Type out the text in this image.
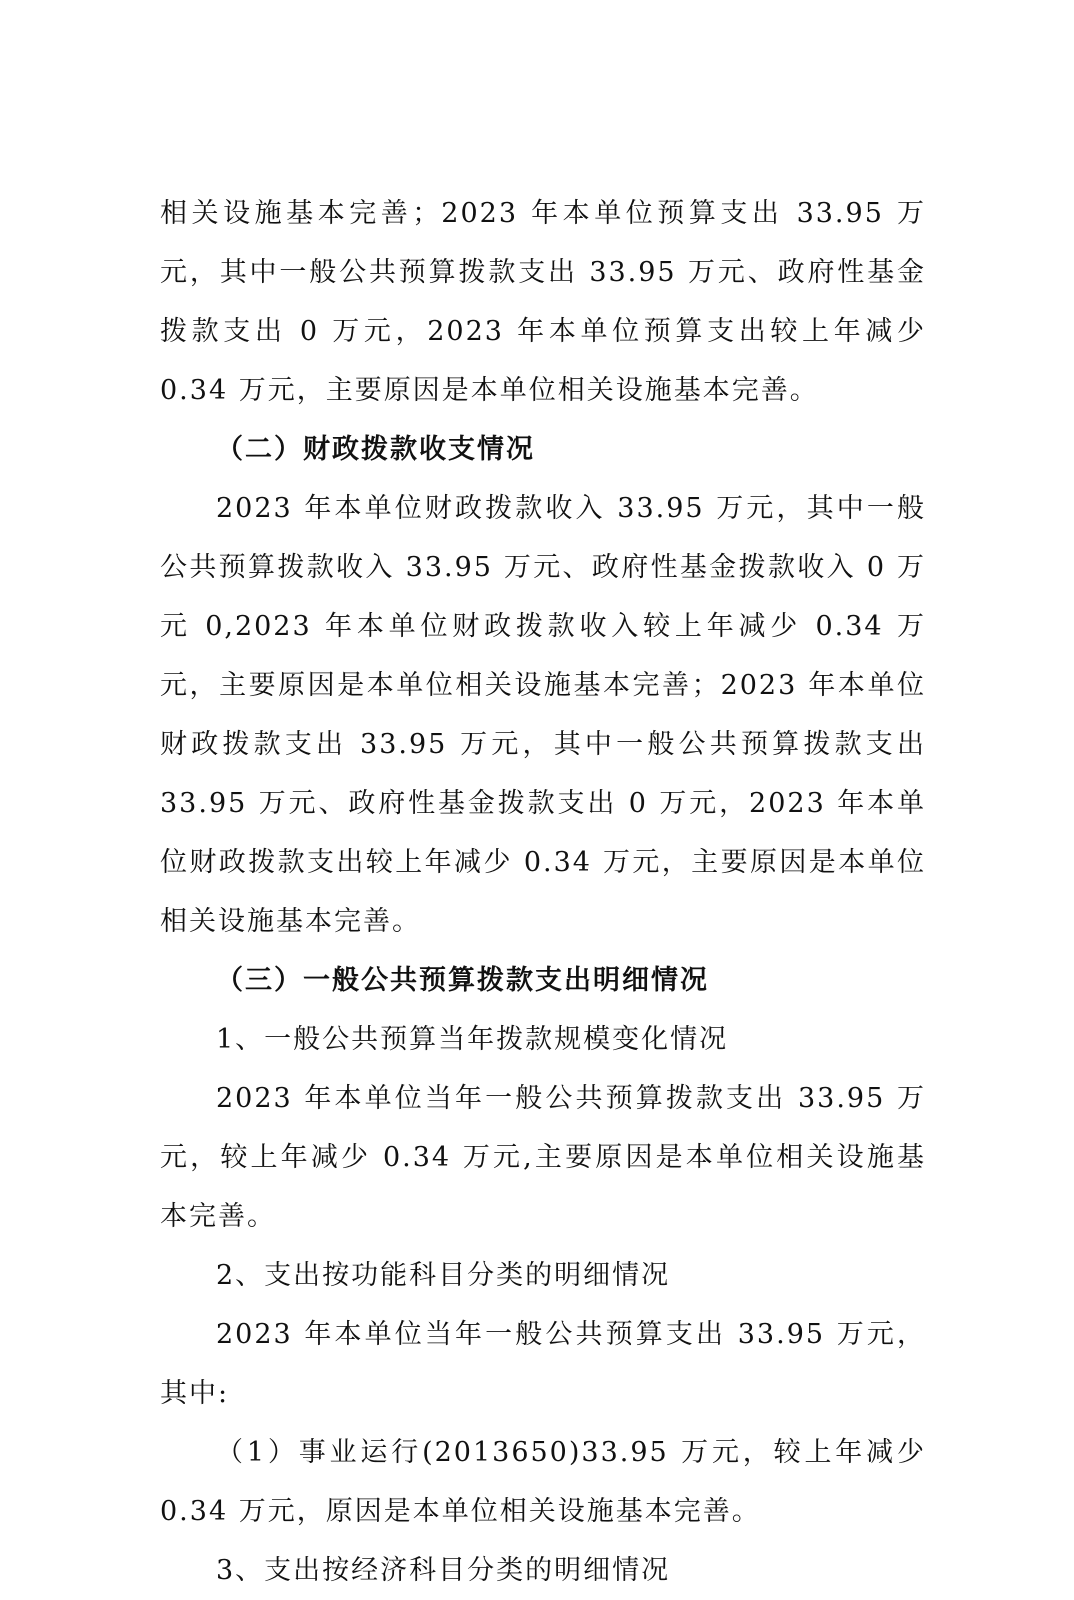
相关设施基本完善；2023 年本单位预算支出 33.95 万元，其中一般公共预算拨款支出 33.95 万元、政府性基金拨款支出 0 万元，2023 年本单位预算支出较上年减少 0.34 万元，主要原因是本单位相关设施基本完善。

（二）财政拨款收支情况

2023 年本单位财政拨款收入 33.95 万元，其中一般公共预算拨款收入 33.95 万元、政府性基金拨款收入 0 万元 0,2023 年本单位财政拨款收入较上年减少 0.34 万元，主要原因是本单位相关设施基本完善；2023 年本单位财政拨款支出 33.95 万元，其中一般公共预算拨款支出 33.95 万元、政府性基金拨款支出 0 万元，2023 年本单位财政拨款支出较上年减少 0.34 万元，主要原因是本单位相关设施基本完善。

（三）一般公共预算拨款支出明细情况

1、一般公共预算当年拨款规模变化情况

2023 年本单位当年一般公共预算拨款支出 33.95 万元，较上年减少 0.34 万元,主要原因是本单位相关设施基本完善。

2、支出按功能科目分类的明细情况

2023 年本单位当年一般公共预算支出 33.95 万元，其中:

（1）事业运行(2013650)33.95 万元，较上年减少 0.34 万元，原因是本单位相关设施基本完善。

3、支出按经济科目分类的明细情况
